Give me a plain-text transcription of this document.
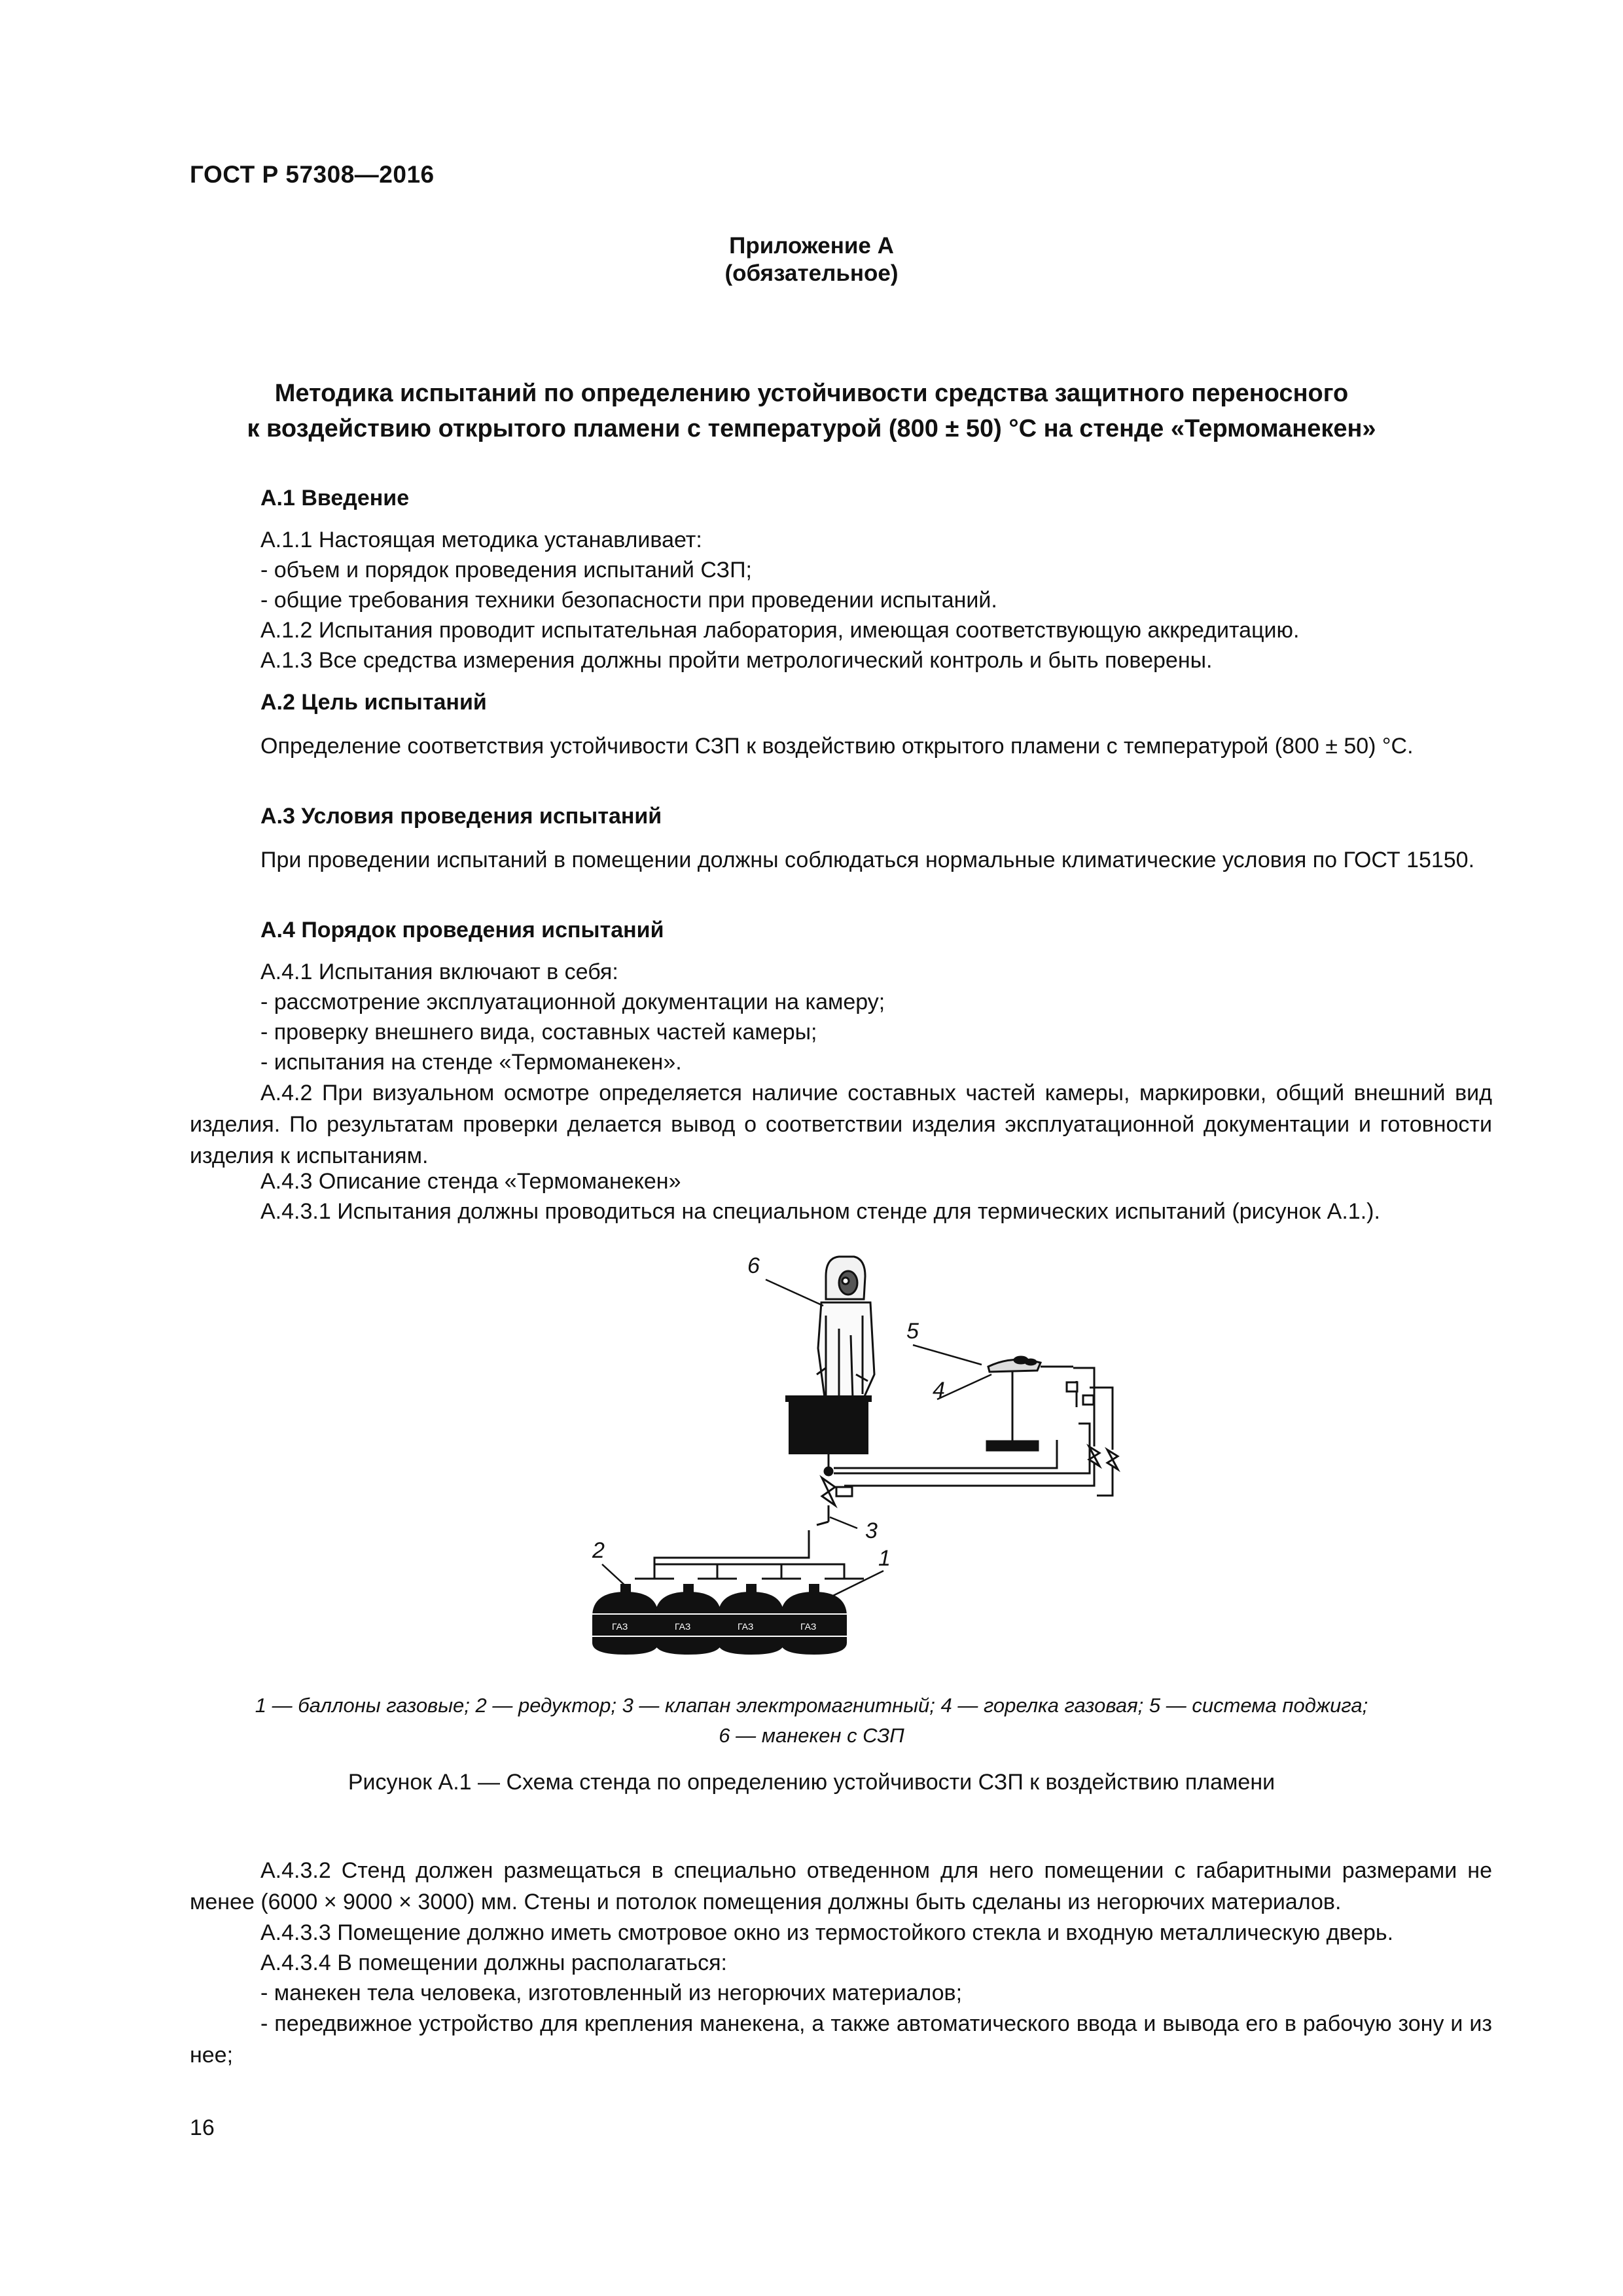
ГОСТ Р 57308—2016
Приложение А
(обязательное)
Методика испытаний по определению устойчивости средства защитного переносного
к воздействию открытого пламени с температурой (800 ± 50) °С на стенде «Термоманекен»
А.1 Введение
А.1.1 Настоящая методика устанавливает:
- объем и порядок проведения испытаний СЗП;
- общие требования техники безопасности при проведении испытаний.
А.1.2 Испытания проводит испытательная лаборатория, имеющая соответствующую аккредитацию.
А.1.3 Все средства измерения должны пройти метрологический контроль и быть поверены.
А.2 Цель испытаний
Определение соответствия устойчивости СЗП к воздействию открытого пламени с температурой (800 ± 50) °С.
А.3 Условия проведения испытаний
При проведении испытаний в помещении должны соблюдаться нормальные климатические условия по ГОСТ 15150.
А.4 Порядок проведения испытаний
А.4.1 Испытания включают в себя:
- рассмотрение эксплуатационной документации на камеру;
- проверку внешнего вида, составных частей камеры;
- испытания на стенде «Термоманекен».
А.4.2 При визуальном осмотре определяется наличие составных частей камеры, маркировки, общий внешний вид изделия. По результатам проверки делается вывод о соответствии изделия эксплуатационной документации и готовности изделия к испытаниям.
А.4.3 Описание стенда «Термоманекен»
А.4.3.1 Испытания должны проводиться на специальном стенде для термических испытаний (рисунок А.1.).
6
5
4
3
2	1
ГАЗ	ГАЗ	ГАЗ	ГАЗ
1 — баллоны газовые; 2 — редуктор; 3 — клапан электромагнитный; 4 — горелка газовая; 5 — система поджига;
6 — манекен с СЗП
Рисунок А.1 — Схема стенда по определению устойчивости СЗП к воздействию пламени
А.4.3.2 Стенд должен размещаться в специально отведенном для него помещении с габаритными размерами не менее (6000 × 9000 × 3000) мм. Стены и потолок помещения должны быть сделаны из негорючих материалов.
А.4.3.3 Помещение должно иметь смотровое окно из термостойкого стекла и входную металлическую дверь.
А.4.3.4 В помещении должны располагаться:
- манекен тела человека, изготовленный из негорючих материалов;
- передвижное устройство для крепления манекена, а также автоматического ввода и вывода его в рабочую зону и из нее;
16
